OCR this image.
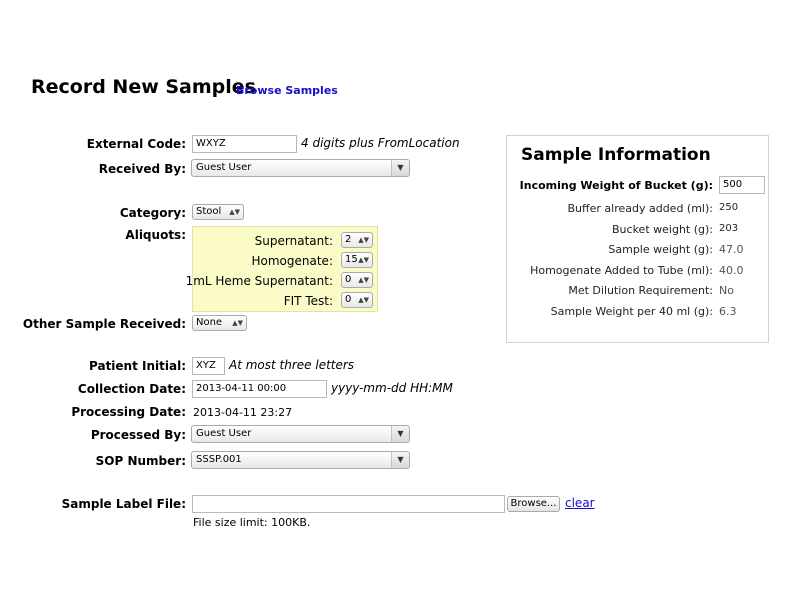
Record New Samples
Browse Samples
External Code:	WXYZ	4 digits plus FromLocation
Received By:	Guest User	▼
Category:	Stool ▲▼
Aliquots:	Supernatant:	2 ▲▼
Homogenate:	15 ▲▼
1mL Heme Supernatant:	0 ▲▼
FIT Test:	0 ▲▼
Other Sample Received:	None ▲▼
Patient Initial:	XYZ	At most three letters
Collection Date:	2013-04-11 00:00	yyyy-mm-dd HH:MM
Processing Date: 2013-04-11 23:27
Processed By:	Guest User	▼
SOP Number:	SSSP.001	▼
Sample Label File:	Browse... clear
File size limit: 100KB.
Sample Information
Incoming Weight of Bucket (g):	500
Buffer already added (ml): 250
Bucket weight (g): 203
Sample weight (g): 47.0
Homogenate Added to Tube (ml): 40.0
Met Dilution Requirement: No
Sample Weight per 40 ml (g): 6.3
